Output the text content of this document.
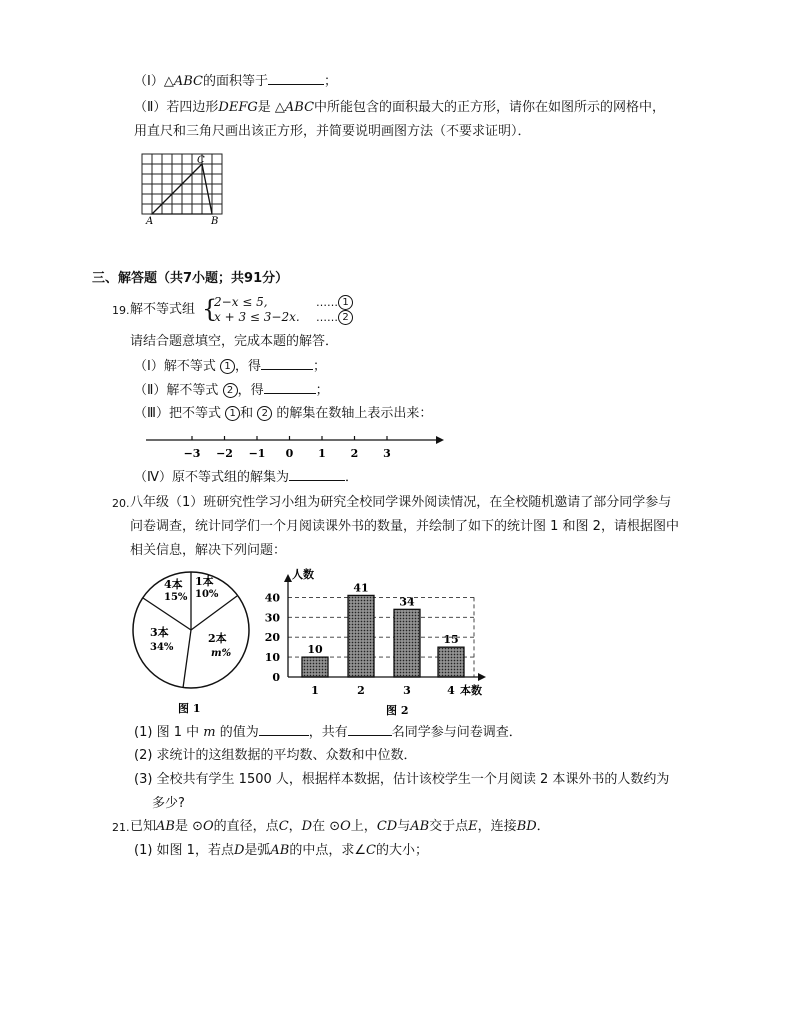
（Ⅰ）△ABC的面积等于	；
（Ⅱ）若四边形DEFG是 △ABC中所能包含的面积最大的正方形，请你在如图所示的网格中，
用直尺和三角尺画出该正方形，并简要说明画图方法（不要求证明）．
A	B
C
三、解答题（共7小题；共91分）
19. 解不等式组 {
2−x ≤ 5,
x + 3 ≤ 3−2x.
…… 1
…… 2
请结合题意填空，完成本题的解答．
（Ⅰ）解不等式 1 ，得	；
（Ⅱ）解不等式 2 ，得	；
（Ⅲ）把不等式 1 和 2 的解集在数轴上表示出来：
−3 −2 −1 0 1 2 3
（Ⅳ）原不等式组的解集为	．
20. 八年级（1）班研究性学习小组为研究全校同学课外阅读情况，在全校随机邀请了部分同学参与
问卷调查，统计同学们一个月阅读课外书的数量，并绘制了如下的统计图 1 和图 2，请根据图中
相关信息，解决下列问题：
1本
10%
4本
15%
3本
34%
2本
m%
图 1
0
10
20
30
40
10
1
41
2
34
3
15
4
人数
本数
图 2
(1) 图 1 中 m 的值为	，共有	名同学参与问卷调查．
(2) 求统计的这组数据的平均数、众数和中位数．
(3) 全校共有学生 1500 人，根据样本数据，估计该校学生一个月阅读 2 本课外书的人数约为
多少?
21. 已知AB是 ⊙O的直径，点C，D在 ⊙O上，CD与AB交于点E，连接BD．
(1) 如图 1，若点D是弧AB的中点，求∠C的大小；
